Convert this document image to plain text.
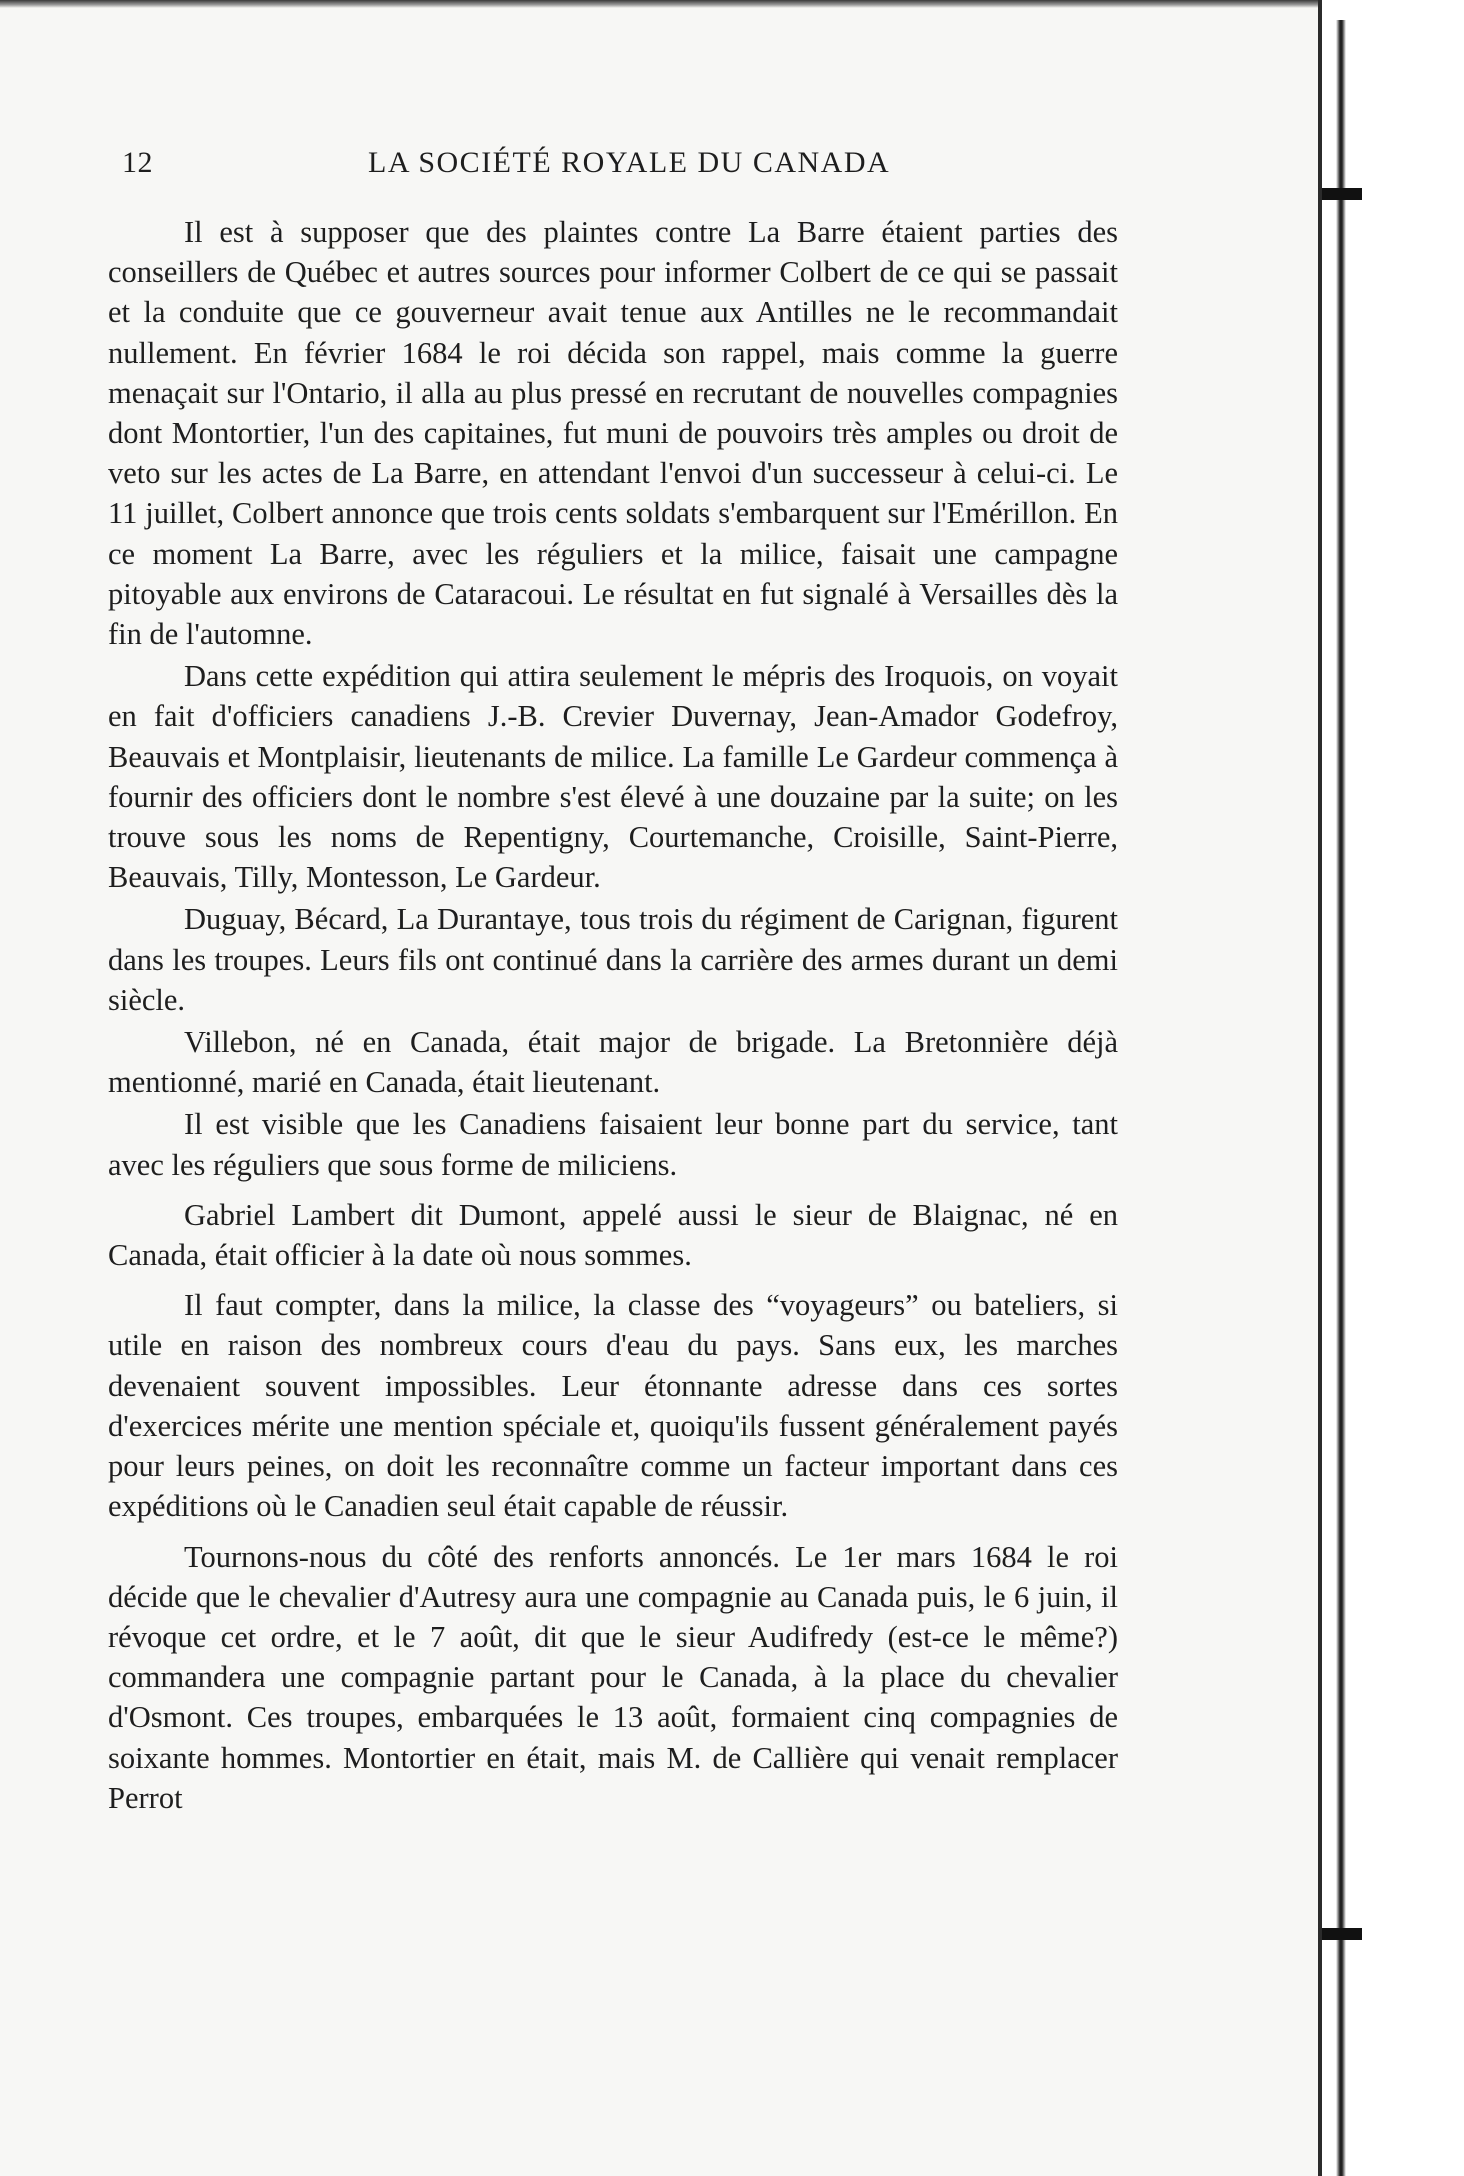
12	LA SOCIÉTÉ ROYALE DU CANADA

Il est à supposer que des plaintes contre La Barre étaient parties des conseillers de Québec et autres sources pour informer Colbert de ce qui se passait et la conduite que ce gouverneur avait tenue aux Antilles ne le recommandait nullement. En février 1684 le roi décida son rappel, mais comme la guerre menaçait sur l'Ontario, il alla au plus pressé en recrutant de nouvelles compagnies dont Montortier, l'un des capitaines, fut muni de pouvoirs très amples ou droit de veto sur les actes de La Barre, en attendant l'envoi d'un successeur à celui-ci. Le 11 juillet, Colbert annonce que trois cents soldats s'embarquent sur l'Emérillon. En ce moment La Barre, avec les réguliers et la milice, faisait une campagne pitoyable aux environs de Cataracoui. Le résultat en fut signalé à Versailles dès la fin de l'automne.

Dans cette expédition qui attira seulement le mépris des Iroquois, on voyait en fait d'officiers canadiens J.-B. Crevier Duvernay, Jean-Amador Godefroy, Beauvais et Montplaisir, lieutenants de milice. La famille Le Gardeur commença à fournir des officiers dont le nombre s'est élevé à une douzaine par la suite; on les trouve sous les noms de Repentigny, Courtemanche, Croisille, Saint-Pierre, Beauvais, Tilly, Montesson, Le Gardeur.

Duguay, Bécard, La Durantaye, tous trois du régiment de Carignan, figurent dans les troupes. Leurs fils ont continué dans la carrière des armes durant un demi siècle.

Villebon, né en Canada, était major de brigade. La Bretonnière déjà mentionné, marié en Canada, était lieutenant.

Il est visible que les Canadiens faisaient leur bonne part du service, tant avec les réguliers que sous forme de miliciens.

Gabriel Lambert dit Dumont, appelé aussi le sieur de Blaignac, né en Canada, était officier à la date où nous sommes.

Il faut compter, dans la milice, la classe des “voyageurs” ou bateliers, si utile en raison des nombreux cours d'eau du pays. Sans eux, les marches devenaient souvent impossibles. Leur étonnante adresse dans ces sortes d'exercices mérite une mention spéciale et, quoiqu'ils fussent généralement payés pour leurs peines, on doit les reconnaître comme un facteur important dans ces expéditions où le Canadien seul était capable de réussir.

Tournons-nous du côté des renforts annoncés. Le 1er mars 1684 le roi décide que le chevalier d'Autresy aura une compagnie au Canada puis, le 6 juin, il révoque cet ordre, et le 7 août, dit que le sieur Audifredy (est-ce le même?) commandera une compagnie partant pour le Canada, à la place du chevalier d'Osmont. Ces troupes, embarquées le 13 août, formaient cinq compagnies de soixante hommes. Montortier en était, mais M. de Callière qui venait remplacer Perrot
